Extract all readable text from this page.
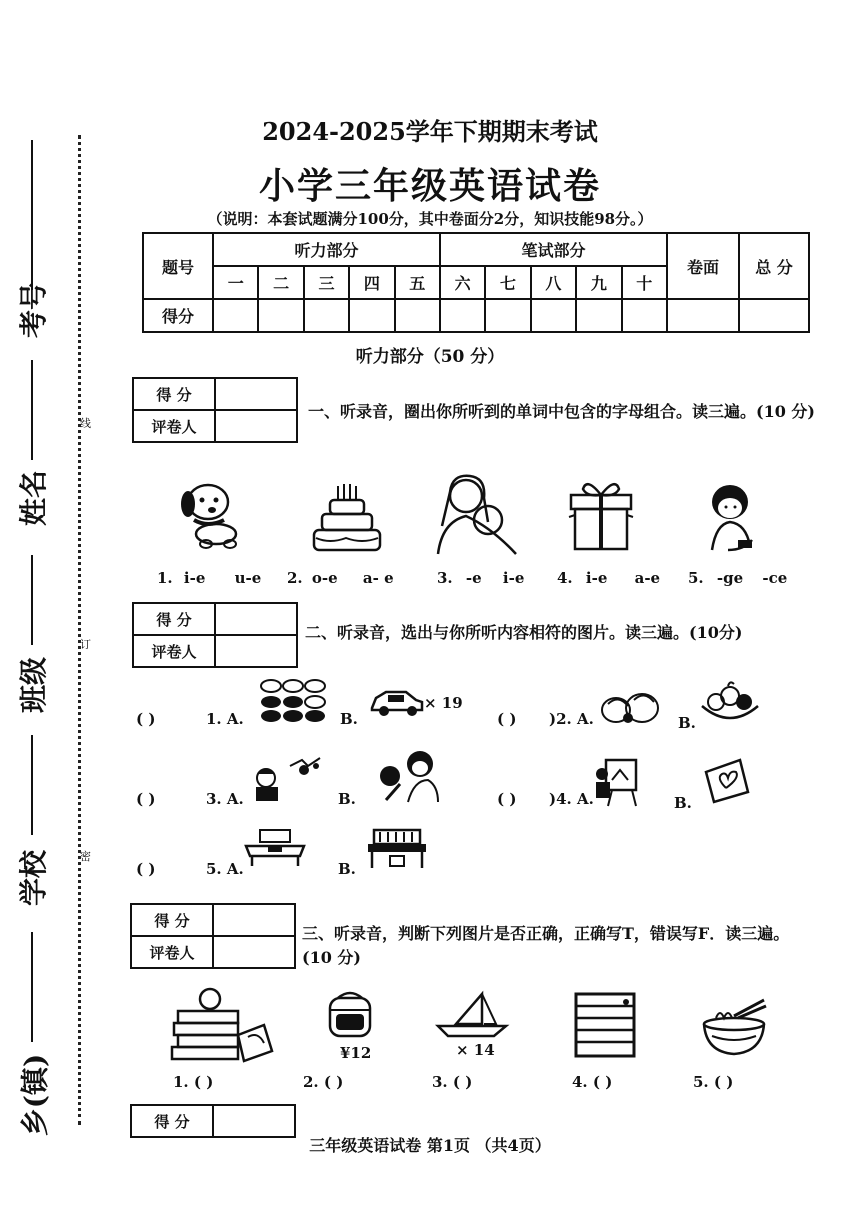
考号
姓名
班级
学校
乡(镇)
线
订
密
2024-2025学年下期期末考试
小学三年级英语试卷
（说明：本套试题满分100分，其中卷面分2分，知识技能98分。）
题号	听力部分					笔试部分					卷面	总 分
	一	二	三	四	五	六	七	八	九	十		
得分												
听力部分（50 分）
得 分	
评卷人	
一、听录音，圈出你所听到的单词中包含的字母组合。读三遍。(10 分)
1. i-e u-e 2. o-e a- e	3. -e i-e 4. i-e a-e 5. -ge -ce
得 分	
评卷人	
二、听录音，选出与你所听内容相符的图片。读三遍。(10分)
( )	1. A.	B.
× 19
( ) )2. A.	B.
( )	3. A.	B.	( ) )4. A.	B.
( )	5. A.	B.
得 分	
评卷人	
三、听录音，判断下列图片是否正确，正确写T，错误写F．读三遍。(10 分)
¥12	× 14
1. ( )	2. ( )	3. ( )	4. ( )	5. ( )
得 分	
三年级英语试卷 第1页 （共4页）
